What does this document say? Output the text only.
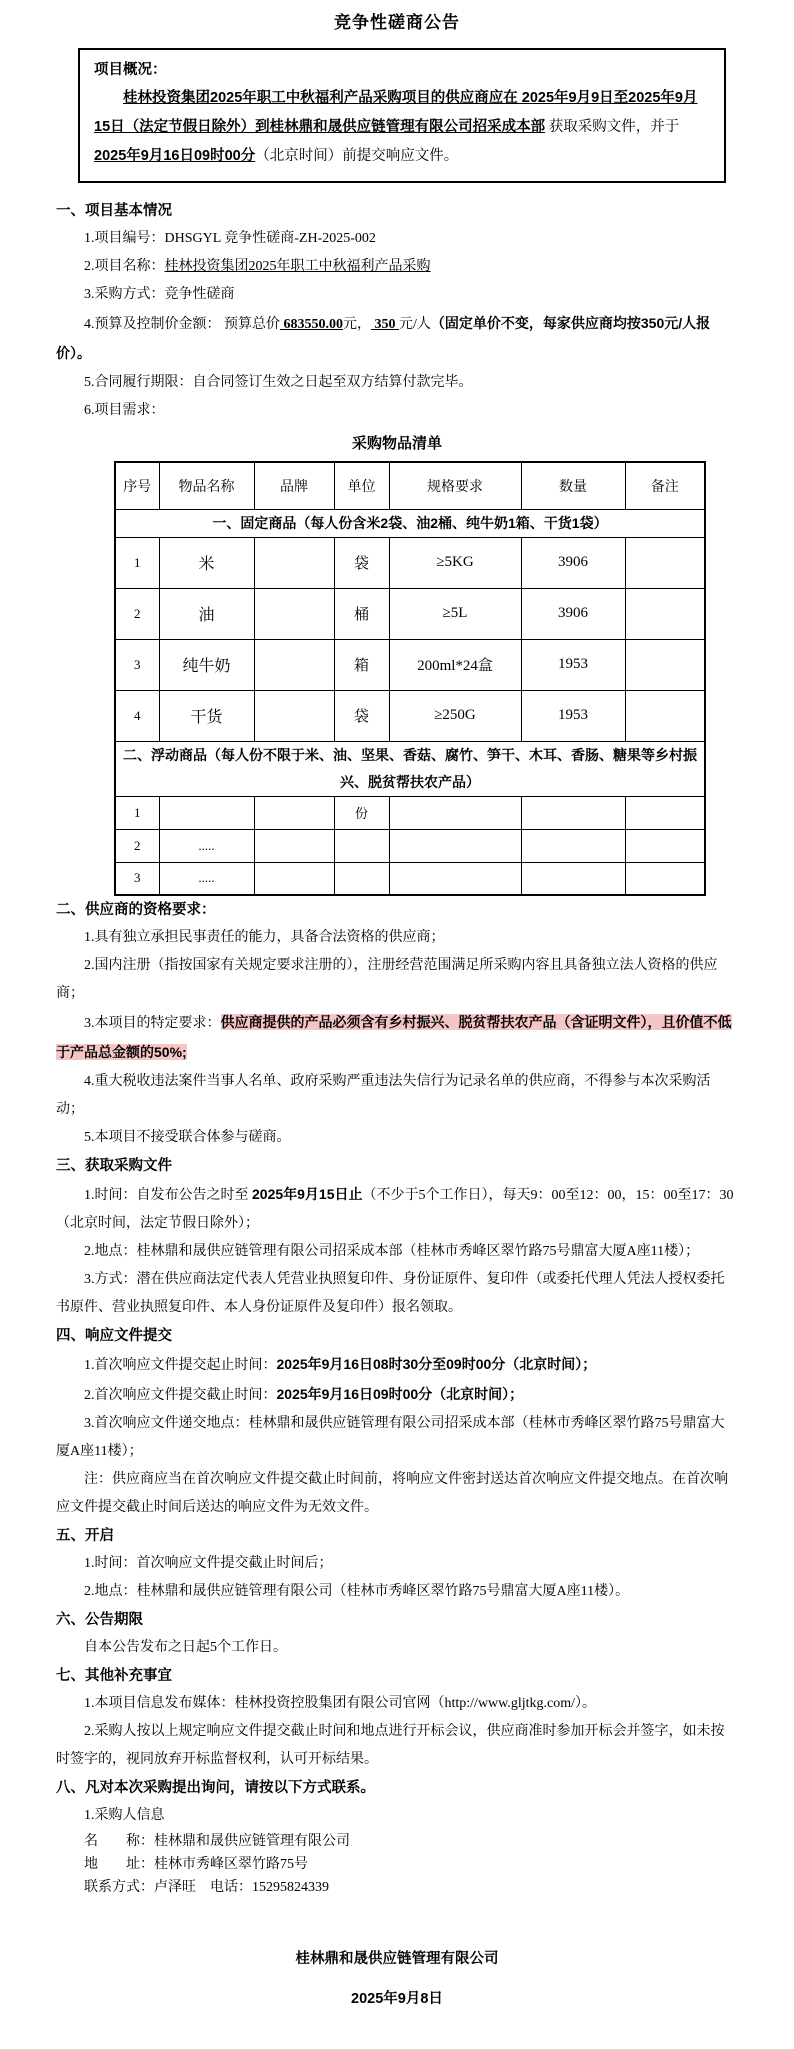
竞争性磋商公告
项目概况：

桂林投资集团2025年职工中秋福利产品采购项目的供应商应在 2025年9月9日至2025年9月15日（法定节假日除外）到桂林鼎和晟供应链管理有限公司招采成本部 获取采购文件，并于 2025年9月16日09时00分（北京时间）前提交响应文件。

一、项目基本情况

1.项目编号：DHSGYL 竞争性磋商-ZH-2025-002

2.项目名称：桂林投资集团2025年职工中秋福利产品采购

3.采购方式：竞争性磋商

4.预算及控制价金额： 预算总价 683550.00元， 350 元/人（固定单价不变，每家供应商均按350元/人报价）。

5.合同履行期限：自合同签订生效之日起至双方结算付款完毕。

6.项目需求：

采购物品清单
序号	物品名称	品牌	单位	规格要求	数量	备注
一、固定商品（每人份含米2袋、油2桶、纯牛奶1箱、干货1袋）						
1	米		袋	≥5KG	3906	
2	油		桶	≥5L	3906	
3	纯牛奶		箱	200ml*24盒	1953	
4	干货		袋	≥250G	1953	
二、浮动商品（每人份不限于米、油、坚果、香菇、腐竹、笋干、木耳、香肠、糖果等乡村振兴、脱贫帮扶农产品）						
1			份			
2	.....					
3	.....					
二、供应商的资格要求：

1.具有独立承担民事责任的能力，具备合法资格的供应商；

2.国内注册（指按国家有关规定要求注册的），注册经营范围满足所采购内容且具备独立法人资格的供应商；

3.本项目的特定要求：供应商提供的产品必须含有乡村振兴、脱贫帮扶农产品（含证明文件），且价值不低于产品总金额的50%;

4.重大税收违法案件当事人名单、政府采购严重违法失信行为记录名单的供应商，不得参与本次采购活动；

5.本项目不接受联合体参与磋商。

三、获取采购文件

1.时间：自发布公告之时至 2025年9月15日止（不少于5个工作日），每天9：00至12：00，15：00至17：30（北京时间，法定节假日除外）；

2.地点：桂林鼎和晟供应链管理有限公司招采成本部（桂林市秀峰区翠竹路75号鼎富大厦A座11楼）；

3.方式：潜在供应商法定代表人凭营业执照复印件、身份证原件、复印件（或委托代理人凭法人授权委托书原件、营业执照复印件、本人身份证原件及复印件）报名领取。

四、响应文件提交

1.首次响应文件提交起止时间：2025年9月16日08时30分至09时00分（北京时间）；

2.首次响应文件提交截止时间：2025年9月16日09时00分（北京时间）；

3.首次响应文件递交地点：桂林鼎和晟供应链管理有限公司招采成本部（桂林市秀峰区翠竹路75号鼎富大厦A座11楼）；

注：供应商应当在首次响应文件提交截止时间前，将响应文件密封送达首次响应文件提交地点。在首次响应文件提交截止时间后送达的响应文件为无效文件。

五、开启

1.时间：首次响应文件提交截止时间后；

2.地点：桂林鼎和晟供应链管理有限公司（桂林市秀峰区翠竹路75号鼎富大厦A座11楼）。

六、公告期限

自本公告发布之日起5个工作日。

七、其他补充事宜

1.本项目信息发布媒体：桂林投资控股集团有限公司官网（http://www.gljtkg.com/）。

2.采购人按以上规定响应文件提交截止时间和地点进行开标会议，供应商准时参加开标会并签字，如未按时签字的，视同放弃开标监督权利，认可开标结果。

八、凡对本次采购提出询问，请按以下方式联系。

1.采购人信息

名　　称：桂林鼎和晟供应链管理有限公司

地　　址：桂林市秀峰区翠竹路75号

联系方式：卢泽旺　电话：15295824339

桂林鼎和晟供应链管理有限公司

2025年9月8日
